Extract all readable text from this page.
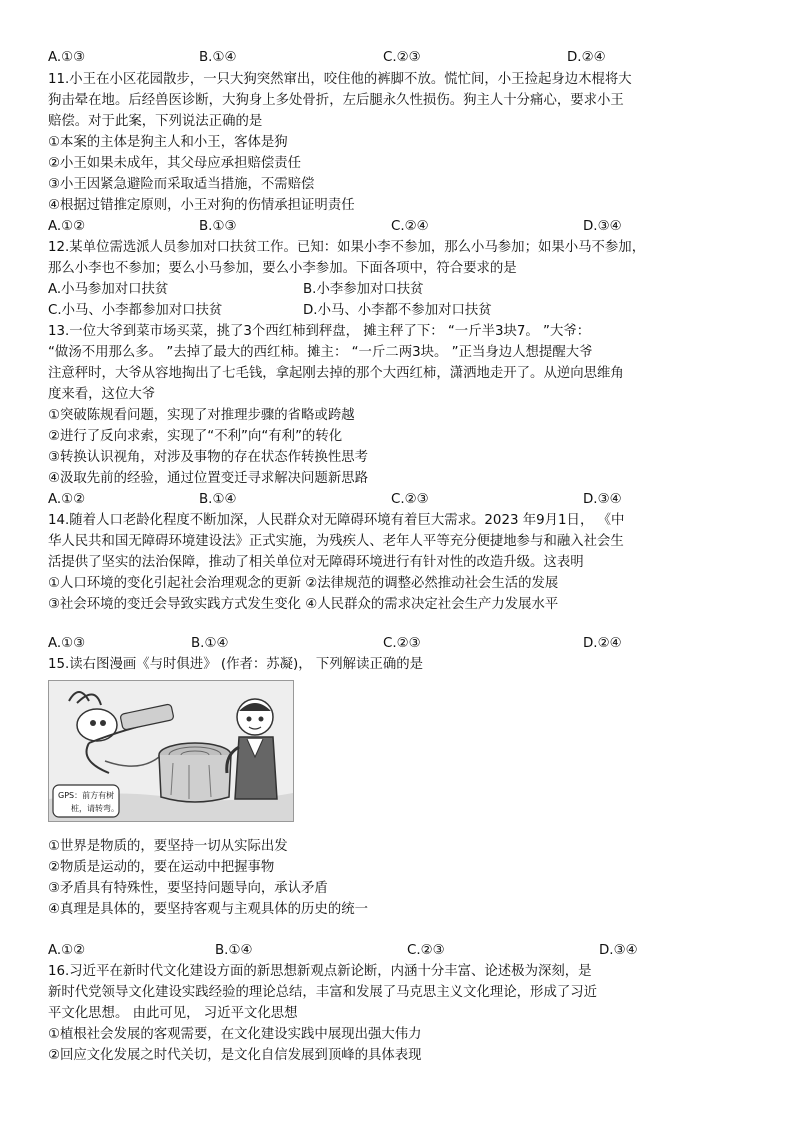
A.①③	B.①④	C.②③	D.②④
11.小王在小区花园散步，一只大狗突然窜出，咬住他的裤脚不放。慌忙间，小王捡起身边木棍将大
狗击晕在地。后经兽医诊断，大狗身上多处骨折，左后腿永久性损伤。狗主人十分痛心，要求小王
赔偿。对于此案，下列说法正确的是
①本案的主体是狗主人和小王，客体是狗
②小王如果未成年，其父母应承担赔偿责任
③小王因紧急避险而采取适当措施，不需赔偿
④根据过错推定原则，小王对狗的伤情承担证明责任
A.①②	B.①③	C.②④	D.③④
12.某单位需选派人员参加对口扶贫工作。已知：如果小李不参加，那么小马参加；如果小马不参加，
那么小李也不参加；要么小马参加，要么小李参加。下面各项中，符合要求的是
A.小马参加对口扶贫	B.小李参加对口扶贫
C.小马、小李都参加对口扶贫	D.小马、小李都不参加对口扶贫
13.一位大爷到菜市场买菜，挑了3个西红柿到秤盘， 摊主秤了下： “一斤半3块7。 ”大爷：
“做汤不用那么多。 ”去掉了最大的西红柿。摊主： “一斤二两3块。 ”正当身边人想提醒大爷
注意秤时，大爷从容地掏出了七毛钱，拿起刚去掉的那个大西红柿，潇洒地走开了。从逆向思维角
度来看，这位大爷
①突破陈规看问题，实现了对推理步骤的省略或跨越
②进行了反向求索，实现了“不利”向“有利”的转化
③转换认识视角，对涉及事物的存在状态作转换性思考
④汲取先前的经验，通过位置变迁寻求解决问题新思路
A.①②	B.①④	C.②③	D.③④
14.随着人口老龄化程度不断加深，人民群众对无障碍环境有着巨大需求。2023 年9月1日， 《中
华人民共和国无障碍环境建设法》正式实施，为残疾人、老年人平等充分便捷地参与和融入社会生
活提供了坚实的法治保障，推动了相关单位对无障碍环境进行有针对性的改造升级。这表明
①人口环境的变化引起社会治理观念的更新 ②法律规范的调整必然推动社会生活的发展
③社会环境的变迁会导致实践方式发生变化 ④人民群众的需求决定社会生产力发展水平
A.①③	B.①④	C.②③	D.②④
15.读右图漫画《与时俱进》 (作者：苏凝)， 下列解读正确的是
GPS：前方有树
桩，请转弯。
①世界是物质的，要坚持一切从实际出发
②物质是运动的，要在运动中把握事物
③矛盾具有特殊性，要坚持问题导向，承认矛盾
④真理是具体的，要坚持客观与主观具体的历史的统一
A.①②	B.①④	C.②③	D.③④
16.习近平在新时代文化建设方面的新思想新观点新论断，内涵十分丰富、论述极为深刻，是
新时代党领导文化建设实践经验的理论总结，丰富和发展了马克思主义文化理论，形成了习近
平文化思想。 由此可见， 习近平文化思想
①植根社会发展的客观需要，在文化建设实践中展现出强大伟力
②回应文化发展之时代关切，是文化自信发展到顶峰的具体表现
